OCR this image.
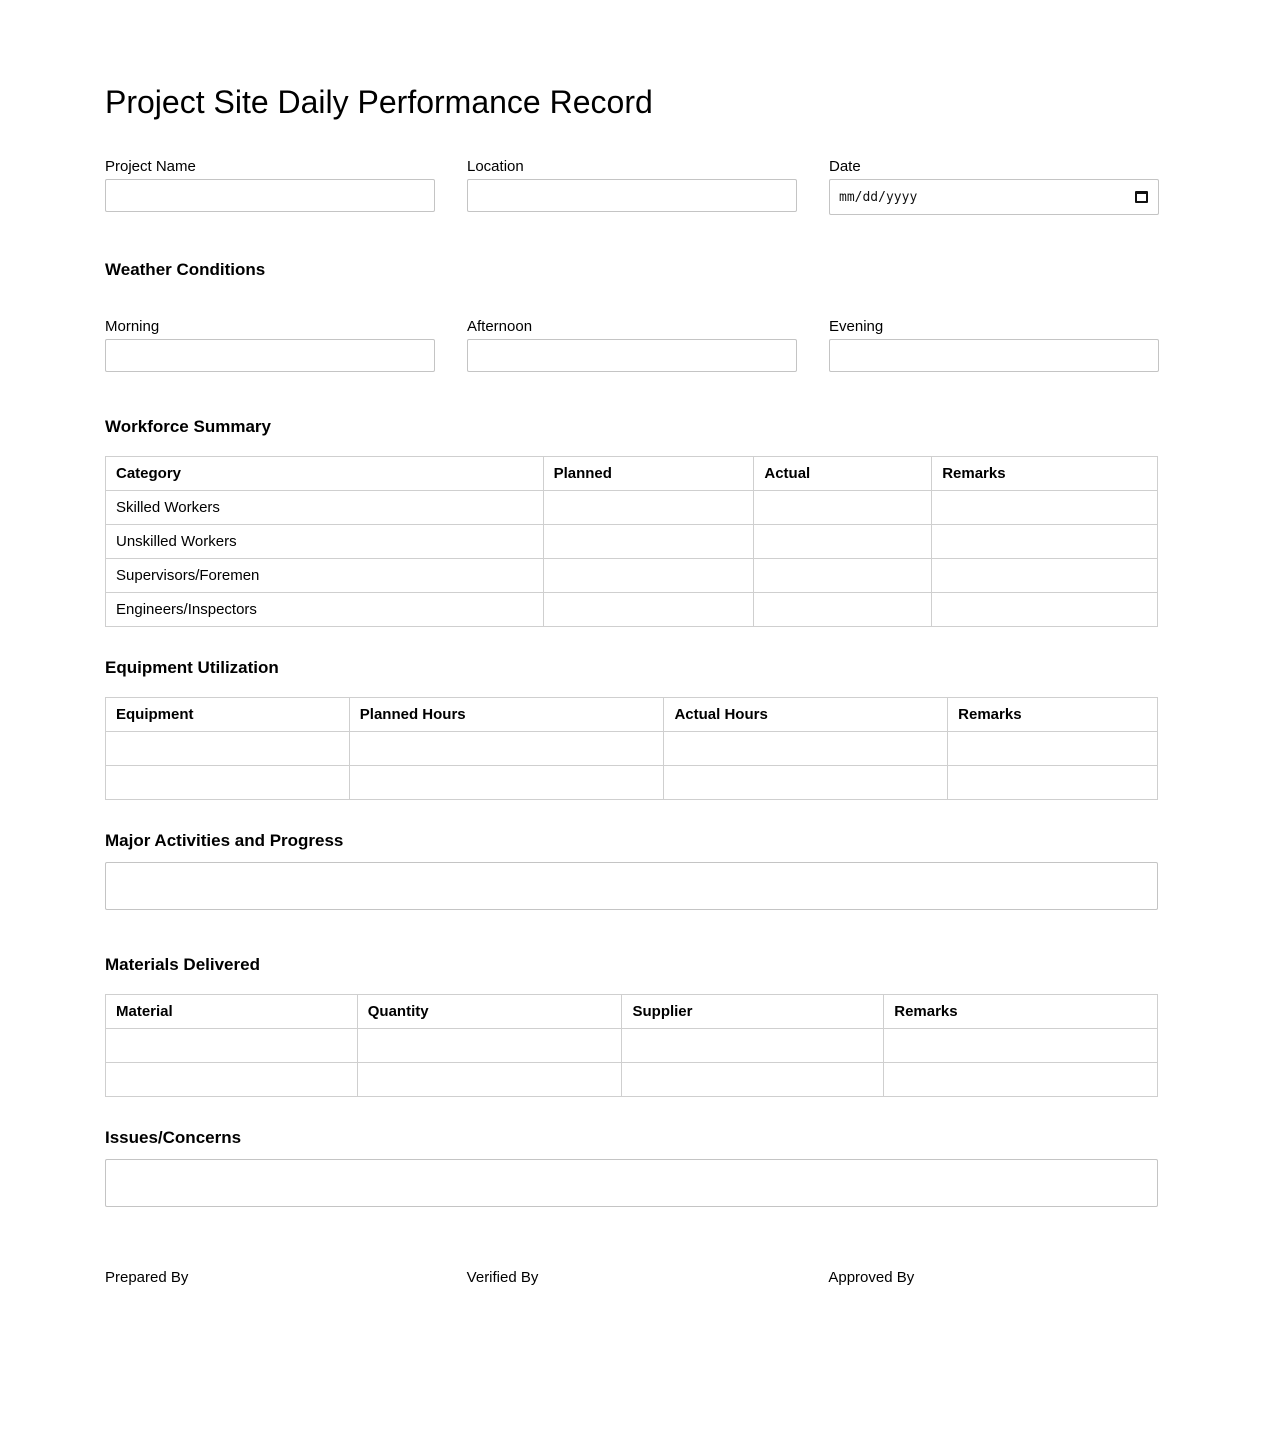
Project Site Daily Performance Record
Project Name	Location	Date
mm/dd/yyyy
Weather Conditions
Morning	Afternoon	Evening
Workforce Summary
Category	Planned	Actual	Remarks
Skilled Workers			
Unskilled Workers			
Supervisors/Foremen			
Engineers/Inspectors			
Equipment Utilization
Equipment	Planned Hours	Actual Hours	Remarks

Major Activities and Progress
Materials Delivered
Material	Quantity	Supplier	Remarks

Issues/Concerns
Prepared By	Verified By	Approved By
